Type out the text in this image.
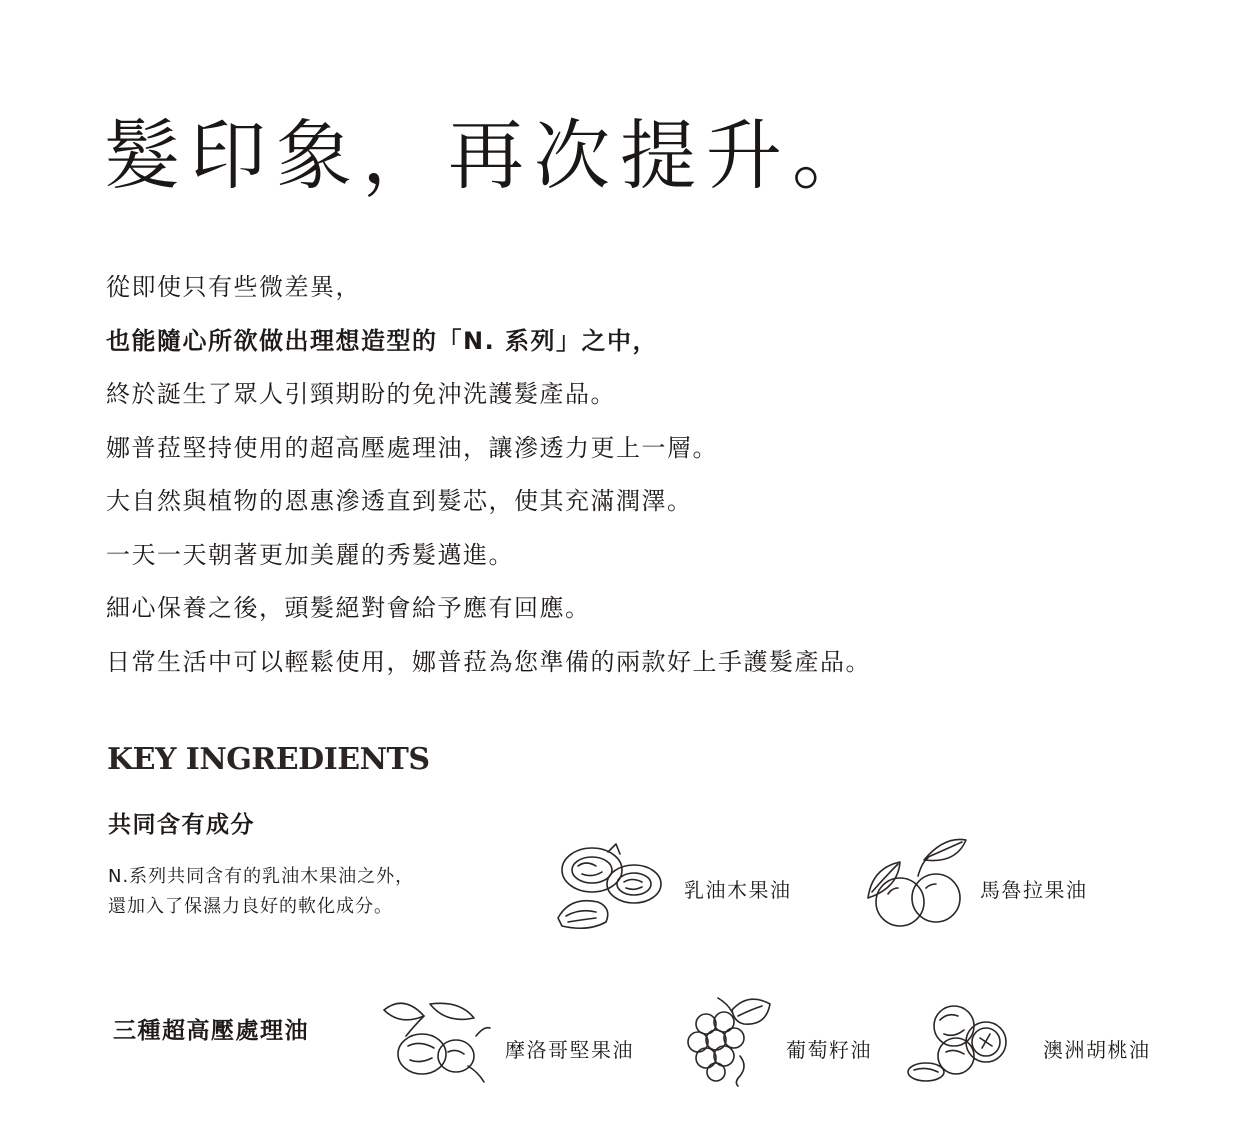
髮印象，再次提升。
從即使只有些微差異，
也能隨心所欲做出理想造型的「N. 系列」之中，
終於誕生了眾人引頸期盼的免沖洗護髮產品。
娜普菈堅持使用的超高壓處理油，讓滲透力更上一層。
大自然與植物的恩惠滲透直到髮芯，使其充滿潤澤。
一天一天朝著更加美麗的秀髮邁進。
細心保養之後，頭髮絕對會給予應有回應。
日常生活中可以輕鬆使用，娜普菈為您準備的兩款好上手護髮產品。
KEY INGREDIENTS
共同含有成分

N.系列共同含有的乳油木果油之外，
還加入了保濕力良好的軟化成分。

乳油木果油	馬魯拉果油
三種超高壓處理油
摩洛哥堅果油	葡萄籽油	澳洲胡桃油
